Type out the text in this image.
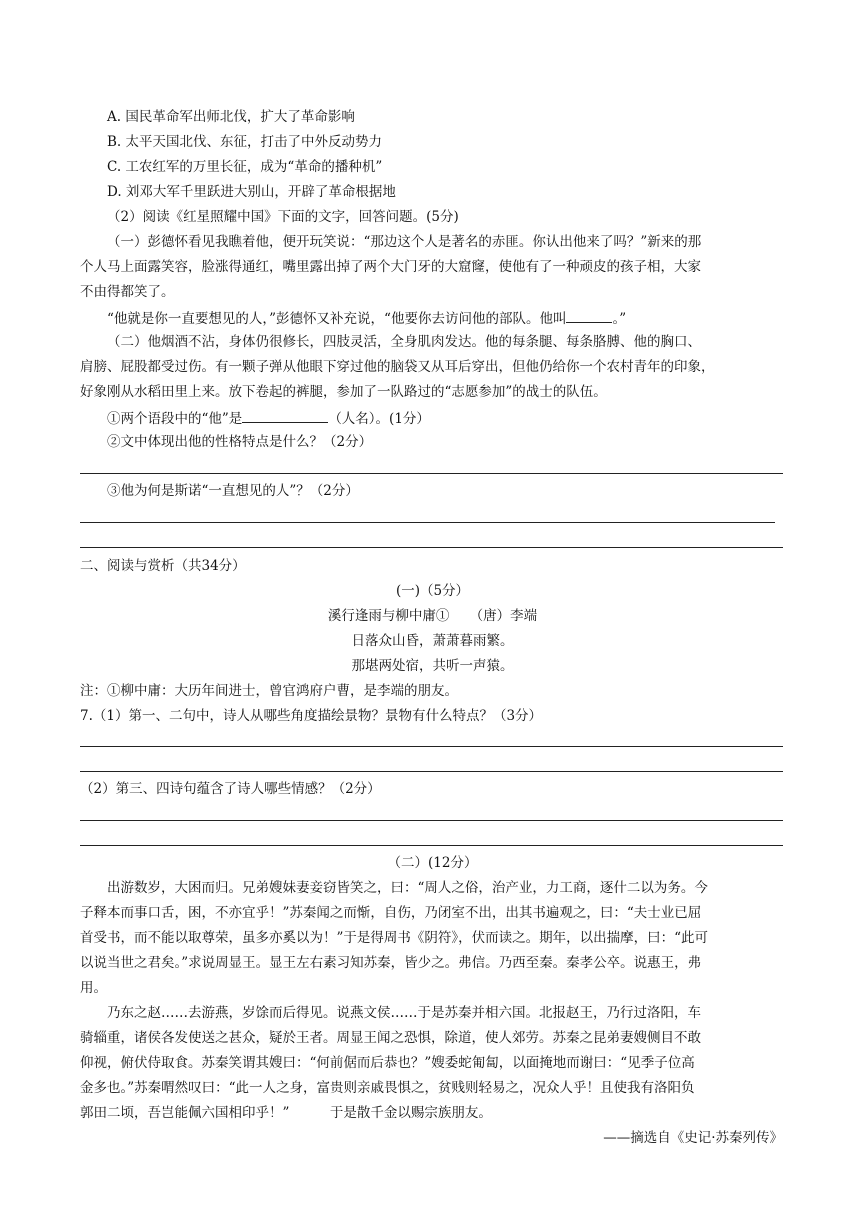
A. 国民革命军出师北伐，扩大了革命影响
B. 太平天国北伐、东征，打击了中外反动势力
C. 工农红军的万里长征，成为“革命的播种机”
D. 刘邓大军千里跃进大别山，开辟了革命根据地
（2）阅读《红星照耀中国》下面的文字，回答问题。(5分)
（一）彭德怀看见我瞧着他，便开玩笑说：“那边这个人是著名的赤匪。你认出他来了吗？”新来的那
个人马上面露笑容，脸涨得通红，嘴里露出掉了两个大门牙的大窟窿，使他有了一种顽皮的孩子相，大家
不由得都笑了。
“他就是你一直要想见的人，”彭德怀又补充说，“他要你去访问他的部队。他叫	。”
（二）他烟酒不沾，身体仍很修长，四肢灵活，全身肌肉发达。他的每条腿、每条胳膊、他的胸口、
肩膀、屁股都受过伤。有一颗子弹从他眼下穿过他的脑袋又从耳后穿出，但他仍给你一个农村青年的印象，
好象刚从水稻田里上来。放下卷起的裤腿，参加了一队路过的“志愿参加”的战士的队伍。
①两个语段中的“他”是	（人名）。(1分）
②文中体现出他的性格特点是什么？（2分）
③他为何是斯诺“一直想见的人”？（2分）
二、阅读与赏析（共34分）
(一)（5分）
溪行逢雨与柳中庸①　　（唐）李端
日落众山昏，萧萧暮雨繁。
那堪两处宿，共听一声猿。
注：①柳中庸：大历年间进士，曾官鸿府户曹，是李端的朋友。
7.（1）第一、二句中，诗人从哪些角度描绘景物？景物有什么特点？（3分）
（2）第三、四诗句蕴含了诗人哪些情感？（2分）
（二）(12分）
出游数岁，大困而归。兄弟嫂妹妻妾窃皆笑之，曰：“周人之俗，治产业，力工商，逐什二以为务。今
子释本而事口舌，困，不亦宜乎！”苏秦闻之而惭，自伤，乃闭室不出，出其书遍观之，曰：“夫士业已屈
首受书，而不能以取尊荣，虽多亦奚以为！”于是得周书《阴符》，伏而读之。期年，以出揣摩，曰：“此可
以说当世之君矣。”求说周显王。显王左右素习知苏秦，皆少之。弗信。乃西至秦。秦孝公卒。说惠王，弗
用。
乃东之赵……去游燕，岁馀而后得见。说燕文侯……于是苏秦并相六国。北报赵王，乃行过洛阳，车
骑辎重，诸侯各发使送之甚众，疑於王者。周显王闻之恐惧，除道，使人郊劳。苏秦之昆弟妻嫂侧目不敢
仰视，俯伏侍取食。苏秦笑谓其嫂曰：“何前倨而后恭也？”嫂委蛇匍匐，以面掩地而谢曰：“见季子位高
金多也。”苏秦喟然叹曰：“此一人之身，富贵则亲戚畏惧之，贫贱则轻易之，况众人乎！且使我有洛阳负
郭田二顷，吾岂能佩六国相印乎！”　　　于是散千金以赐宗族朋友。
——摘选自《史记·苏秦列传》
